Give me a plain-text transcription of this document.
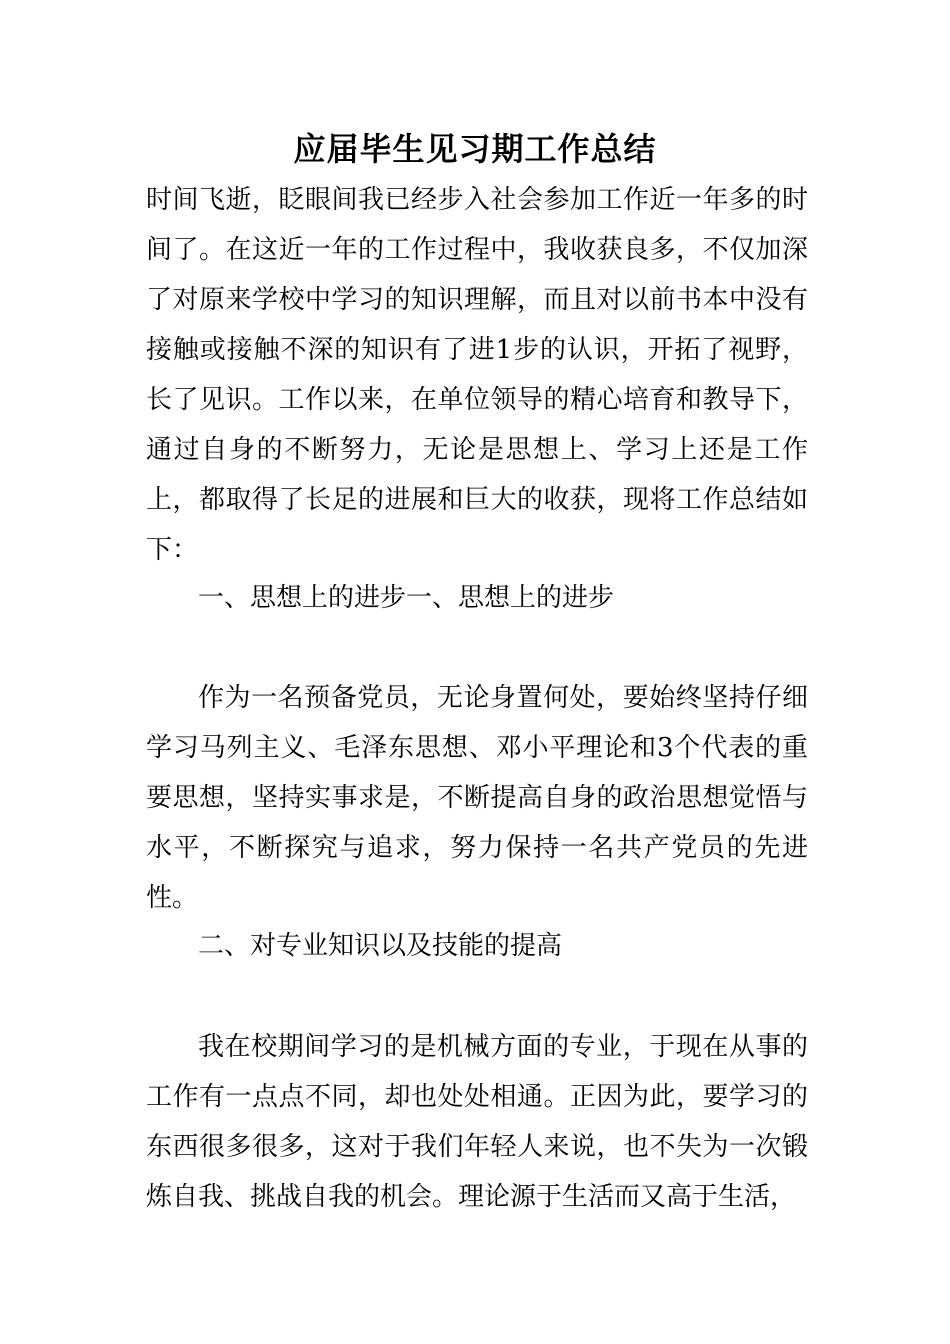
应届毕生见习期工作总结

时间飞逝，眨眼间我已经步入社会参加工作近一年多的时间了。在这近一年的工作过程中，我收获良多，不仅加深了对原来学校中学习的知识理解，而且对以前书本中没有接触或接触不深的知识有了进1步的认识，开拓了视野，长了见识。工作以来，在单位领导的精心培育和教导下，通过自身的不断努力，无论是思想上、学习上还是工作上，都取得了长足的进展和巨大的收获，现将工作总结如下：

一、思想上的进步一、思想上的进步

作为一名预备党员，无论身置何处，要始终坚持仔细学习马列主义、毛泽东思想、邓小平理论和3个代表的重要思想，坚持实事求是，不断提高自身的政治思想觉悟与水平，不断探究与追求，努力保持一名共产党员的先进性。

二、对专业知识以及技能的提高

我在校期间学习的是机械方面的专业，于现在从事的工作有一点点不同，却也处处相通。正因为此，要学习的东西很多很多，这对于我们年轻人来说，也不失为一次锻炼自我、挑战自我的机会。理论源于生活而又高于生活，
